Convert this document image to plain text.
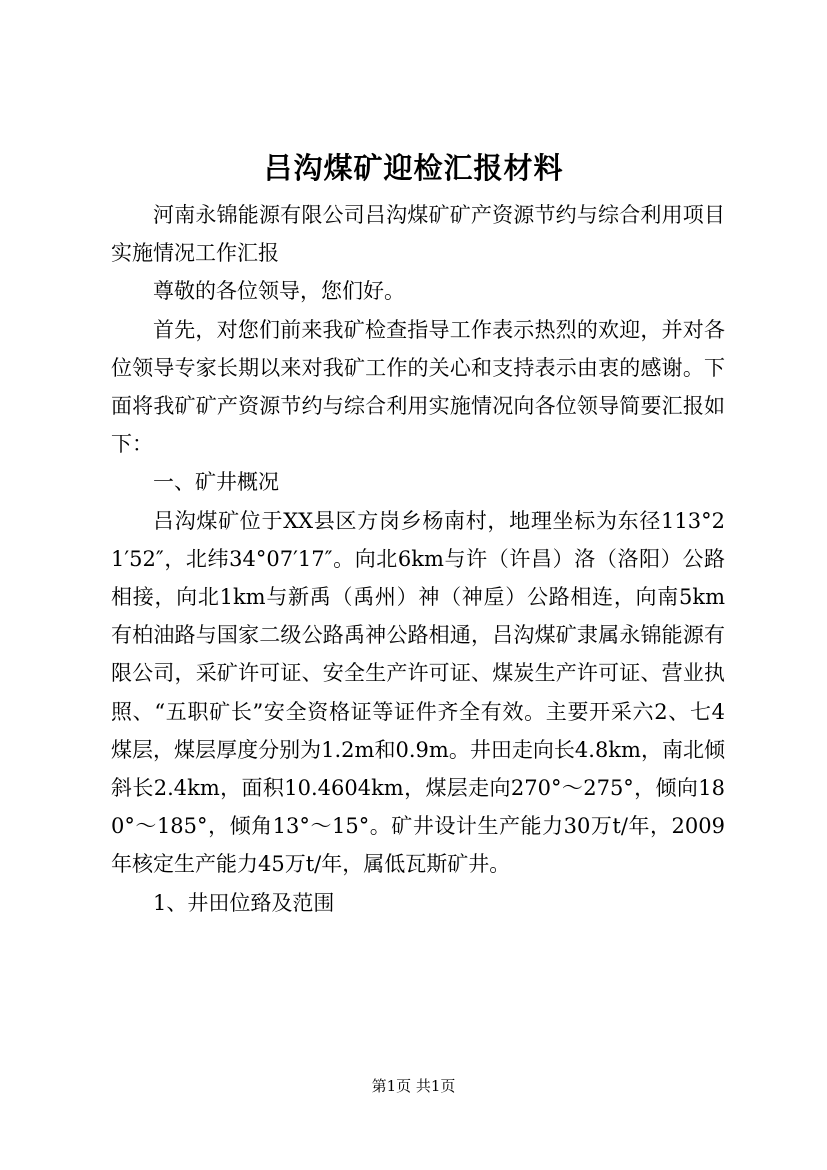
吕沟煤矿迎检汇报材料

河南永锦能源有限公司吕沟煤矿矿产资源节约与综合利用项目实施情况工作汇报

尊敬的各位领导，您们好。

首先，对您们前来我矿检查指导工作表示热烈的欢迎，并对各位领导专家长期以来对我矿工作的关心和支持表示由衷的感谢。下面将我矿矿产资源节约与综合利用实施情况向各位领导简要汇报如下：

一、矿井概况

吕沟煤矿位于XX县区方岗乡杨南村，地理坐标为东径113°21′52″，北纬34°07′17″。向北6km与许（许昌）洛（洛阳）公路相接，向北1km与新禹（禹州）神（神垕）公路相连，向南5km有柏油路与国家二级公路禹神公路相通，吕沟煤矿隶属永锦能源有限公司，采矿许可证、安全生产许可证、煤炭生产许可证、营业执照、“五职矿长”安全资格证等证件齐全有效。主要开采六2、七4煤层，煤层厚度分别为1.2m和0.9m。井田走向长4.8km，南北倾斜长2.4km，面积10.4604km，煤层走向270°～275°，倾向180°～185°，倾角13°～15°。矿井设计生产能力30万t/年，2009年核定生产能力45万t/年，属低瓦斯矿井。

1、井田位臵及范围

第1页 共1页
